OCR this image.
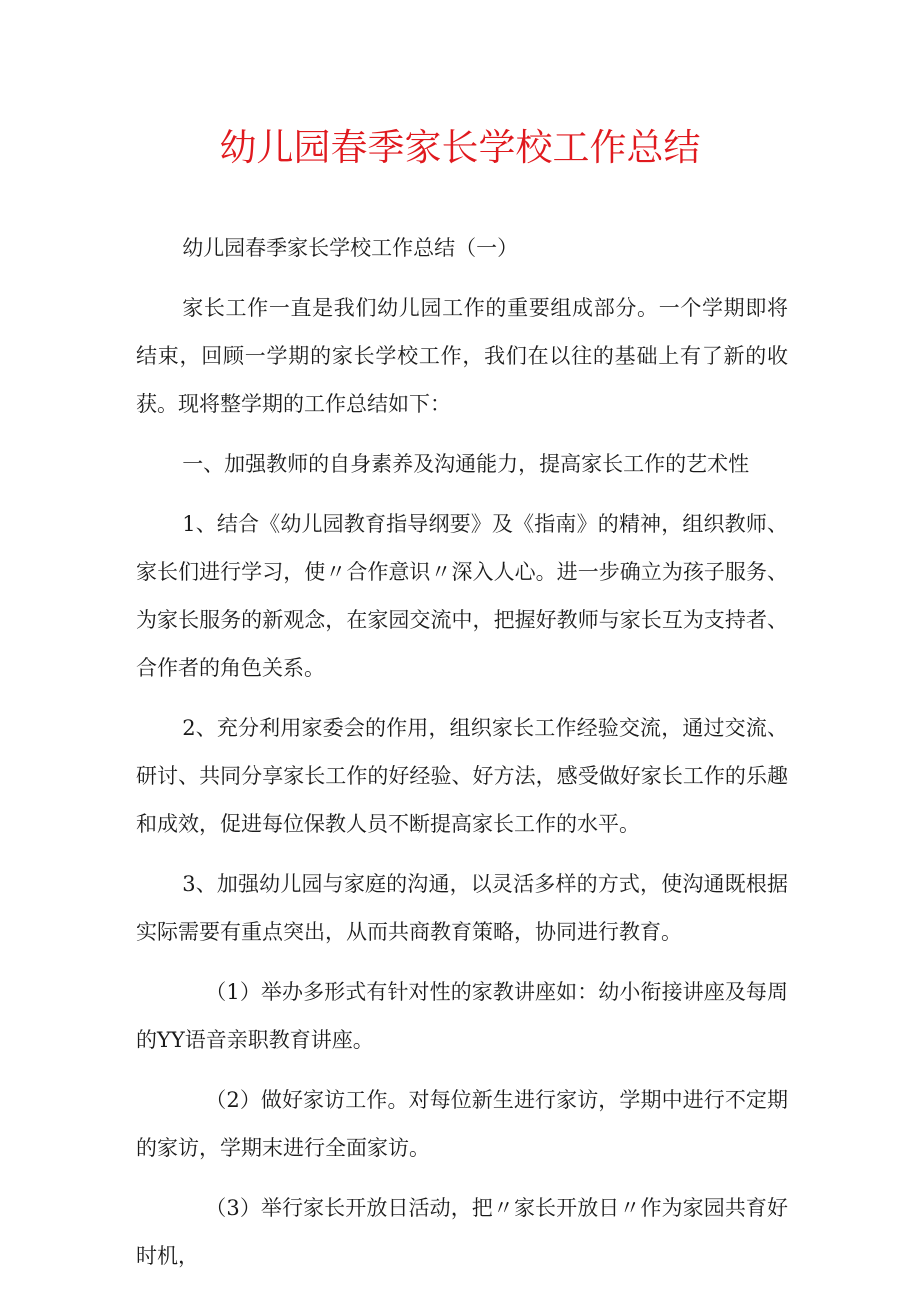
幼儿园春季家长学校工作总结

幼儿园春季家长学校工作总结（一）

家长工作一直是我们幼儿园工作的重要组成部分。一个学期即将结束，回顾一学期的家长学校工作，我们在以往的基础上有了新的收获。现将整学期的工作总结如下：

一、加强教师的自身素养及沟通能力，提高家长工作的艺术性

1、结合《幼儿园教育指导纲要》及《指南》的精神，组织教师、家长们进行学习，使〃合作意识〃深入人心。进一步确立为孩子服务、为家长服务的新观念，在家园交流中，把握好教师与家长互为支持者、合作者的角色关系。

2、充分利用家委会的作用，组织家长工作经验交流，通过交流、研讨、共同分享家长工作的好经验、好方法，感受做好家长工作的乐趣和成效，促进每位保教人员不断提高家长工作的水平。

3、加强幼儿园与家庭的沟通，以灵活多样的方式，使沟通既根据实际需要有重点突出，从而共商教育策略，协同进行教育。

（1）举办多形式有针对性的家教讲座如：幼小衔接讲座及每周的YY语音亲职教育讲座。

（2）做好家访工作。对每位新生进行家访，学期中进行不定期的家访，学期末进行全面家访。

（3）举行家长开放日活动，把〃家长开放日〃作为家园共育好时机，
